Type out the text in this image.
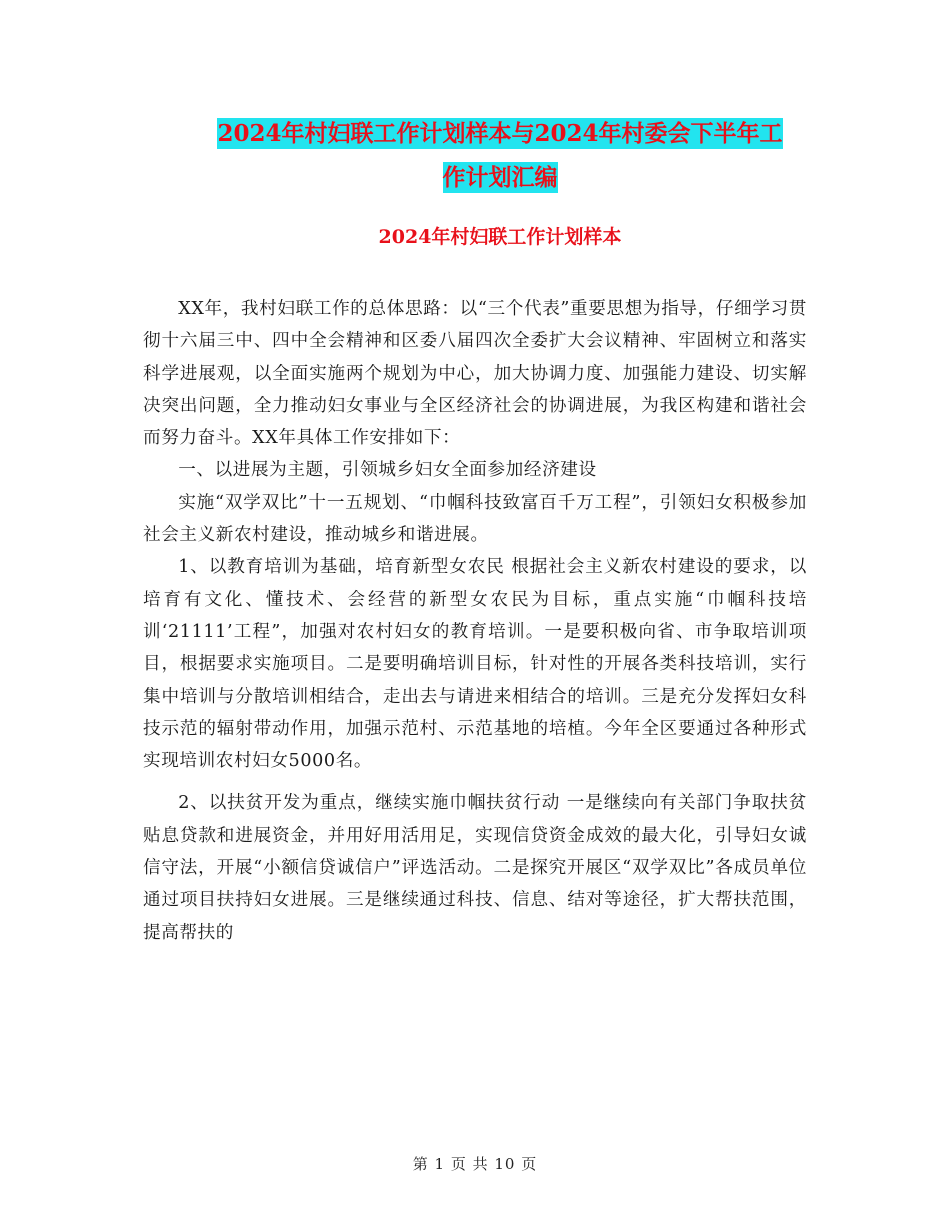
2024年村妇联工作计划样本与2024年村委会下半年工
作计划汇编
2024年村妇联工作计划样本

XX年，我村妇联工作的总体思路：以“三个代表”重要思想为指导，仔细学习贯彻十六届三中、四中全会精神和区委八届四次全委扩大会议精神、牢固树立和落实科学进展观，以全面实施两个规划为中心，加大协调力度、加强能力建设、切实解决突出问题，全力推动妇女事业与全区经济社会的协调进展，为我区构建和谐社会而努力奋斗。XX年具体工作安排如下：

一、以进展为主题，引领城乡妇女全面参加经济建设

实施“双学双比”十一五规划、“巾帼科技致富百千万工程”，引领妇女积极参加社会主义新农村建设，推动城乡和谐进展。

1、以教育培训为基础，培育新型女农民 根据社会主义新农村建设的要求，以培育有文化、懂技术、会经营的新型女农民为目标，重点实施“巾帼科技培训‘21111’工程”，加强对农村妇女的教育培训。一是要积极向省、市争取培训项目，根据要求实施项目。二是要明确培训目标，针对性的开展各类科技培训，实行集中培训与分散培训相结合，走出去与请进来相结合的培训。三是充分发挥妇女科技示范的辐射带动作用，加强示范村、示范基地的培植。今年全区要通过各种形式实现培训农村妇女5000名。

2、以扶贫开发为重点，继续实施巾帼扶贫行动 一是继续向有关部门争取扶贫贴息贷款和进展资金，并用好用活用足，实现信贷资金成效的最大化，引导妇女诚信守法，开展“小额信贷诚信户”评选活动。二是探究开展区“双学双比”各成员单位通过项目扶持妇女进展。三是继续通过科技、信息、结对等途径，扩大帮扶范围，提高帮扶的

第 1 页 共 10 页
